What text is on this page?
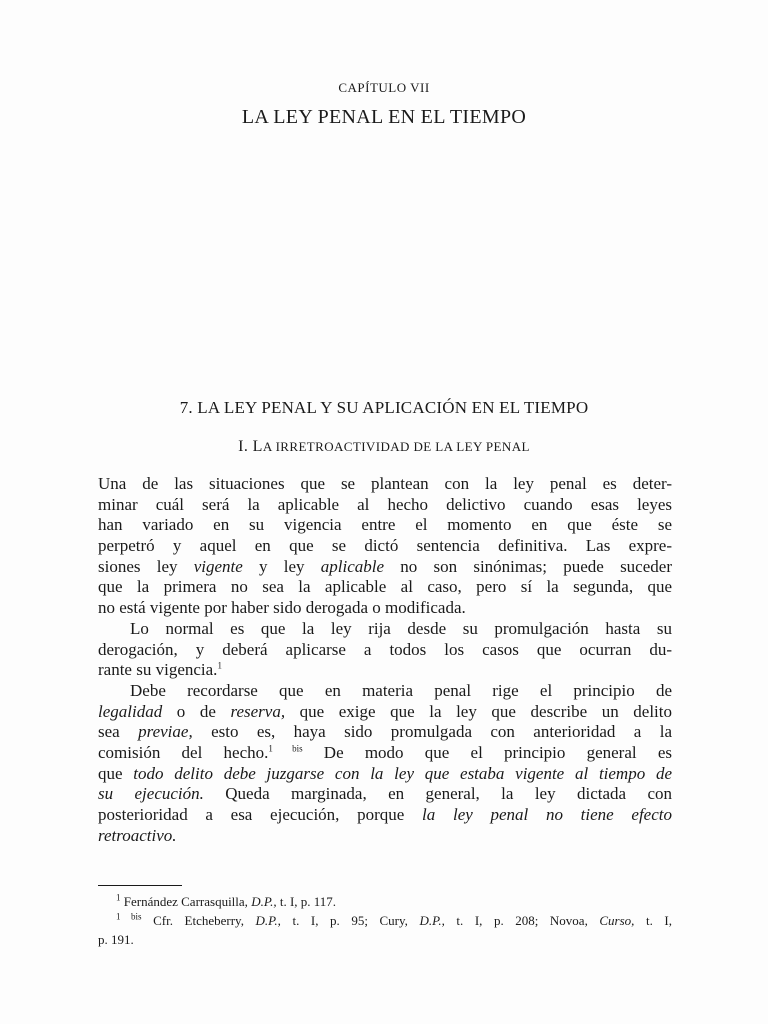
CAPÍTULO VII
LA LEY PENAL EN EL TIEMPO
7. LA LEY PENAL Y SU APLICACIÓN EN EL TIEMPO
I. LA IRRETROACTIVIDAD DE LA LEY PENAL
Una de las situaciones que se plantean con la ley penal es deter-
minar cuál será la aplicable al hecho delictivo cuando esas leyes
han variado en su vigencia entre el momento en que éste se
perpetró y aquel en que se dictó sentencia definitiva. Las expre-
siones ley vigente y ley aplicable no son sinónimas; puede suceder
que la primera no sea la aplicable al caso, pero sí la segunda, que
no está vigente por haber sido derogada o modificada.
Lo normal es que la ley rija desde su promulgación hasta su
derogación, y deberá aplicarse a todos los casos que ocurran du-
rante su vigencia.$^1$
Debe recordarse que en materia penal rige el principio de
legalidad o de reserva, que exige que la ley que describe un delito
sea previae, esto es, haya sido promulgada con anterioridad a la
comisión del hecho.$^{1 bis}$ De modo que el principio general es
que todo delito debe juzgarse con la ley que estaba vigente al tiempo de
su ejecución. Queda marginada, en general, la ley dictada con
posterioridad a esa ejecución, porque la ley penal no tiene efecto
retroactivo.
$^1$ Fernández Carrasquilla, D.P., t. I, p. 117.
$^{1 bis}$ Cfr. Etcheberry, D.P., t. I, p. 95; Cury, D.P., t. I, p. 208; Novoa, Curso, t. I,
p. 191.
